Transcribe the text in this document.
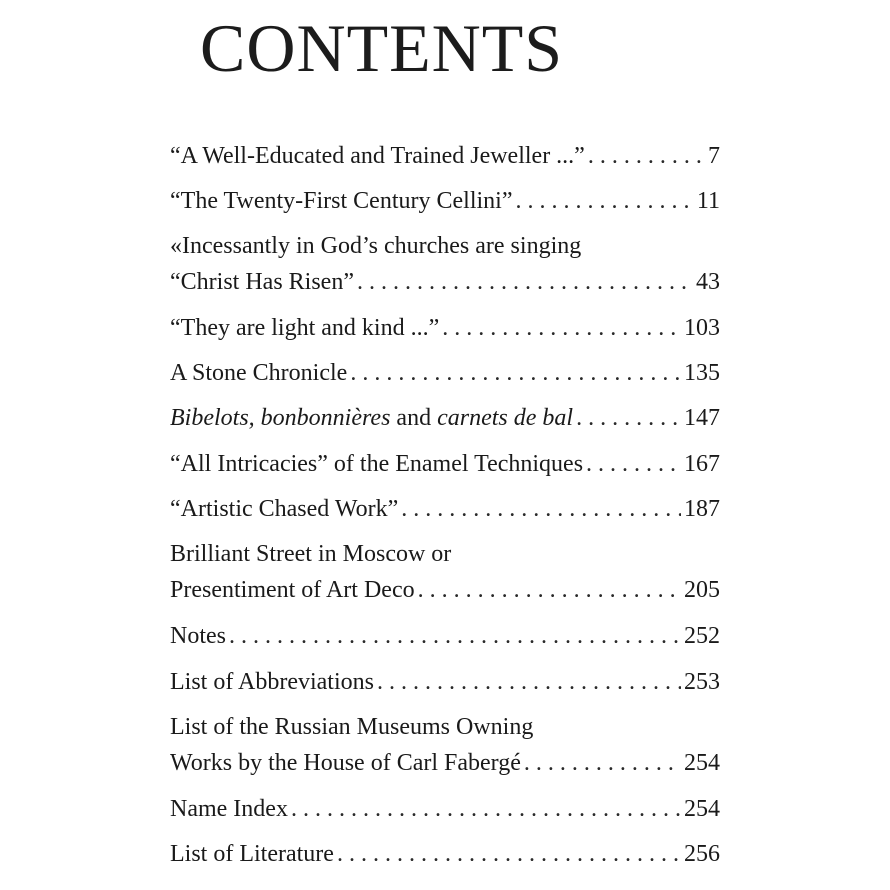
CONTENTS
“A Well-Educated and Trained Jeweller ...” . . .	7
“The Twenty-First Century Cellini” . . .	11
«Incessantly in God’s churches are singing
“Christ Has Risen” . . .	43
“They are light and kind ...” . . .	103
A Stone Chronicle . . .	135
Bibelots, bonbonnières and carnets de bal . . .	147
“All Intricacies” of the Enamel Techniques . . .	167
“Artistic Chased Work” . . .	187
Brilliant Street in Moscow or
Presentiment of Art Deco . . .	205
Notes . . .	252
List of Abbreviations . . .	253
List of the Russian Museums Owning
Works by the House of Carl Fabergé . . .	254
Name Index . . .	254
List of Literature . . .	256
